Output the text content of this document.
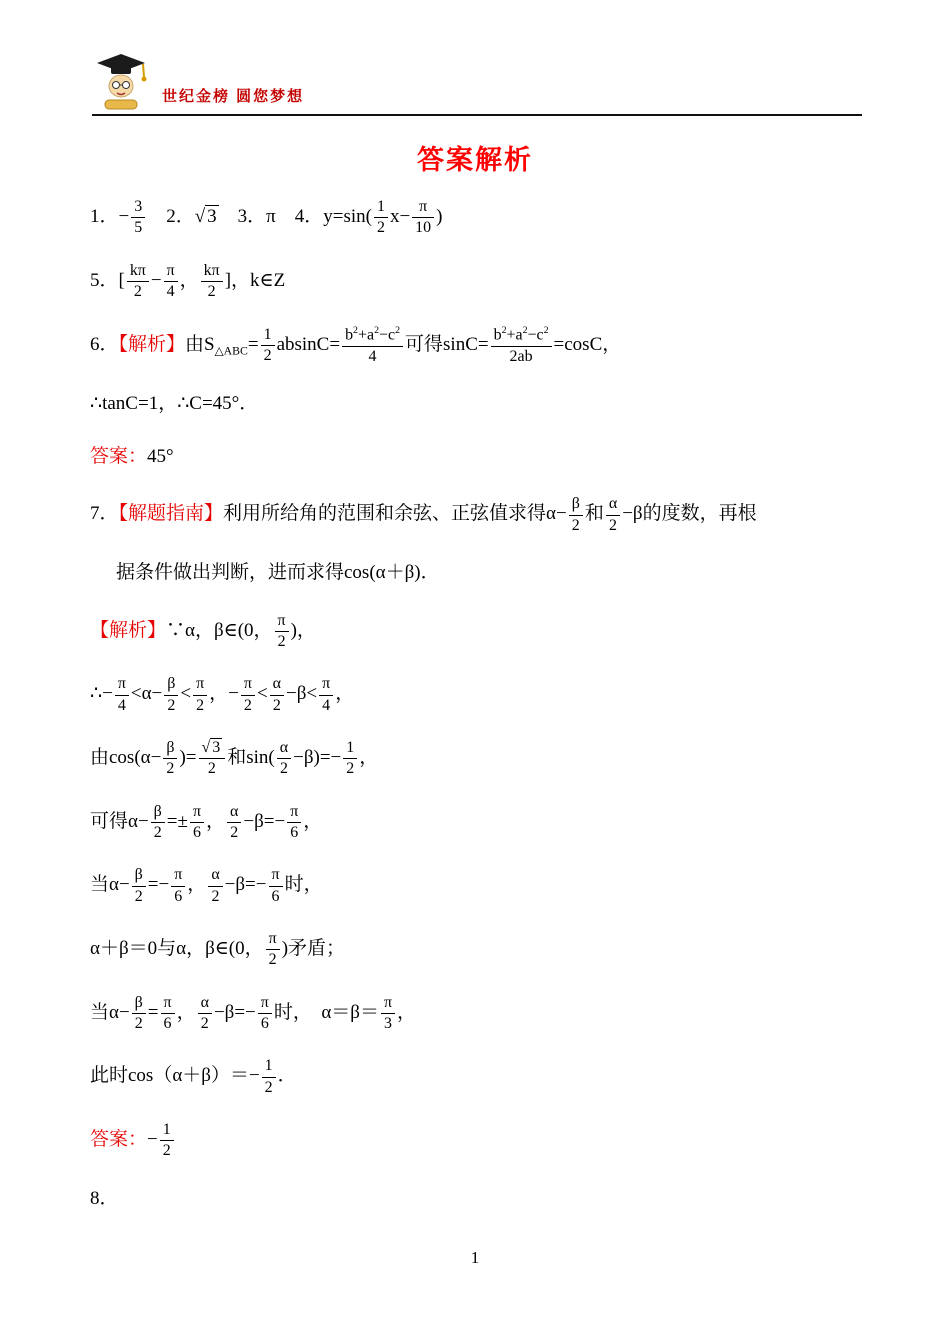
世纪金榜 圆您梦想
答案解析
1．− $\frac{3}{5}$ 　2．√ 3　3．π　4．$y=\sin( \frac{1}{2} x- \frac{\pi}{10}$ )
5．[ $\frac{k\pi}{2} - \frac{\pi}{4}$ ， $\frac{k\pi}{2}$ ]，k∈Z
6．【解析】由$S_{\triangle ABC}= \frac{1}{2} absinC= \frac{b^2+a^2-c^2}{4}$ 可得$\sin C= \frac{b^2+a^2-c^2}{2ab} =\cos C$，
∴tanC=1，∴C=45°．
答案：45°
7．【解题指南】利用所给角的范围和余弦、正弦值求得$\alpha- \frac{\beta}{2}$ 和 $\frac{\alpha}{2} -\beta$的度数，再根
据条件做出判断，进而求得cos(α＋β)．
【解析】∵α，β∈(0， $\frac{\pi}{2}$ )，
∴− $\frac{\pi}{4} <\alpha- \frac{\beta}{2} < \frac{\pi}{2}$ ，− $\frac{\pi}{2} < \frac{\alpha}{2} -\beta< \frac{\pi}{4}$ ，
由$\cos(\alpha- \frac{\beta}{2}$ )= $\frac{√ 3}{2}$ 和$\sin( \frac{\alpha}{2} -\beta)=- \frac{1}{2}$ ，
可得$\alpha- \frac{\beta}{2} =\pm \frac{\pi}{6}$ ， $\frac{\alpha}{2} -\beta=- \frac{\pi}{6}$ ，
当$\alpha- \frac{\beta}{2} =- \frac{\pi}{6}$ ， $\frac{\alpha}{2} -\beta=- \frac{\pi}{6}$ 时，
α＋β＝0与α，β∈(0， $\frac{\pi}{2}$ )矛盾；
当$\alpha- \frac{\beta}{2} = \frac{\pi}{6}$ ， $\frac{\alpha}{2} -\beta=- \frac{\pi}{6}$ 时，　$\alpha=\beta= \frac{\pi}{3}$ ，
此时$\cos(\alpha+\beta)=- \frac{1}{2}$ ．
答案：− $\frac{1}{2}$
8．
1
